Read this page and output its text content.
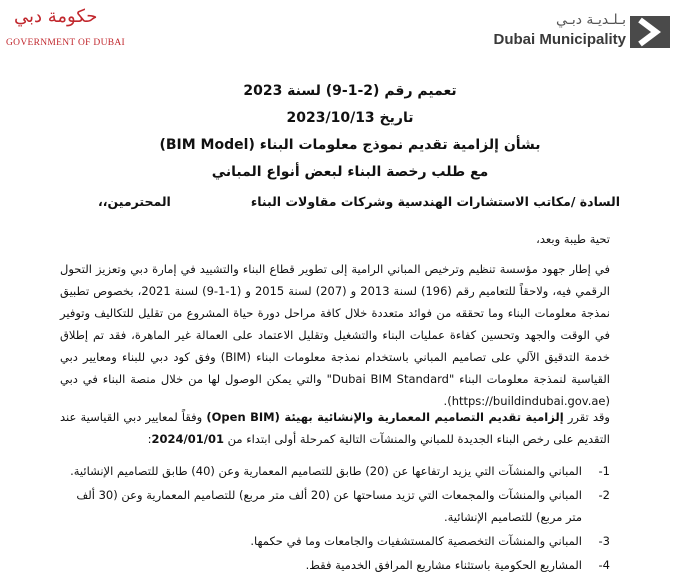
حكومة دبي
GOVERNMENT OF DUBAI
بـلـديـة دبـي
Dubai Municipality
تعميم رقم (2-1-9) لسنة 2023
تاريخ 2023/10/13
بشأن إلزامية تقديم نموذج معلومات البناء (BIM Model)
مع طلب رخصة البناء لبعض أنواع المباني
السادة /مكاتب الاستشارات الهندسية وشركات مقاولات البناء
المحترمين،،
تحية طيبة وبعد،
في إطار جهود مؤسسة تنظيم وترخيص المباني الرامية إلى تطوير قطاع البناء والتشييد في إمارة دبي وتعزيز التحول الرقمي فيه، ولاحقاً للتعاميم رقم (196) لسنة 2013 و (207) لسنة 2015 و (1-1-9) لسنة 2021، بخصوص تطبيق نمذجة معلومات البناء وما تحققه من فوائد متعددة خلال كافة مراحل دورة حياة المشروع من تقليل للتكاليف وتوفير في الوقت والجهد وتحسين كفاءة عمليات البناء والتشغيل وتقليل الاعتماد على العمالة غير الماهرة، فقد تم إطلاق خدمة التدقيق الآلي على تصاميم المباني باستخدام نمذجة معلومات البناء (BIM) وفق كود دبي للبناء ومعايير دبي القياسية لنمذجة معلومات البناء "Dubai BIM Standard" والتي يمكن الوصول لها من خلال منصة البناء في دبي (https://buildindubai.gov.ae).
وقد تقرر إلزامية تقديم التصاميم المعمارية والإنشائية بهيئة (Open BIM) وفقاً لمعايير دبي القياسية عند التقديم على رخص البناء الجديدة للمباني والمنشآت التالية كمرحلة أولى ابتداء من 2024/01/01:
1-
المباني والمنشآت التي يزيد ارتفاعها عن (20) طابق للتصاميم المعمارية وعن (40) طابق للتصاميم الإنشائية.
2-
المباني والمنشآت والمجمعات التي تزيد مساحتها عن (20 ألف متر مربع) للتصاميم المعمارية وعن (30 ألف متر مربع) للتصاميم الإنشائية.
3-
المباني والمنشآت التخصصية كالمستشفيات والجامعات وما في حكمها.
4-
المشاريع الحكومية باستثناء مشاريع المرافق الخدمية فقط.
